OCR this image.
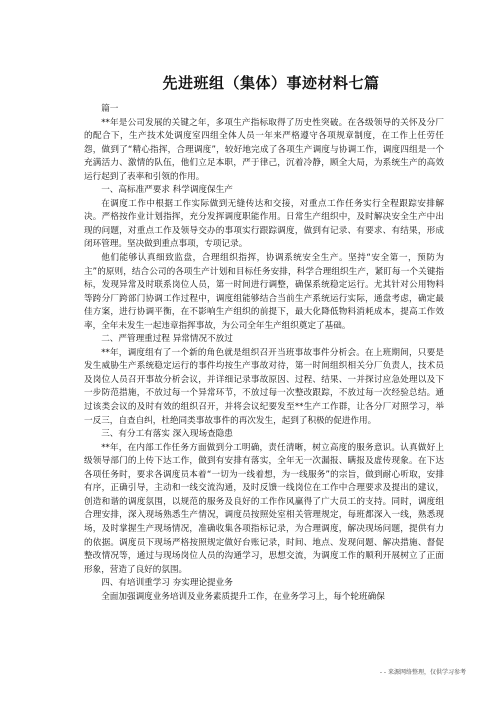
先进班组（集体）事迹材料七篇

篇一

**年是公司发展的关键之年，多项生产指标取得了历史性突破。在各级领导的关怀及分厂的配合下，生产技术处调度室四组全体人员一年来严格遵守各项规章制度，在工作上任劳任怨，做到了“精心指挥，合理调度”，较好地完成了各项生产调度与协调工作，调度四组是一个充满活力、激情的队伍，他们立足本职，严于律己，沉着冷静，顾全大局，为系统生产的高效运行起到了表率和引领的作用。

一、高标准严要求 科学调度保生产

在调度工作中根据工作实际做到无缝传达和交接，对重点工作任务实行全程跟踪安排解决。严格按作业计划指挥，充分发挥调度职能作用。日常生产组织中，及时解决安全生产中出现的问题，对重点工作及领导交办的事项实行跟踪调度，做到有记录、有要求、有结果，形成闭环管理。坚决做到重点事项，专项记录。

他们能够认真细致监盘，合理组织指挥，协调系统安全生产。坚持“安全第一，预防为主”的原则，结合公司的各项生产计划和目标任务安排，科学合理组织生产，紧盯每一个关键指标，发现异常及时联系岗位人员，第一时间进行调整，确保系统稳定运行。尤其针对公用物料等跨分厂跨部门协调工作过程中，调度组能够结合当前生产系统运行实际，通盘考虑，确定最佳方案，进行协调平衡，在不影响生产组织的前提下，最大化降低物料消耗成本，提高工作效率，全年未发生一起违章指挥事故，为公司全年生产组织奠定了基础。

二、严管理重过程 异常情况不放过

**年，调度组有了一个新的角色就是组织召开当班事故事件分析会。在上班期间，只要是发生威胁生产系统稳定运行的事件均按生产事故对待，第一时间组织相关分厂负责人，技术员及岗位人员召开事故分析会议，并详细记录事故原因、过程、结果、一并探讨应急处理以及下一步防范措施，不放过每一个异常环节，不放过每一次整改跟踪，不放过每一次经验总结。通过该类会议的及时有效的组织召开，并将会议纪要发至**生产工作群，让各分厂对照学习，举一反三，自查自纠，杜绝同类事故事件的再次发生，起到了积极的促进作用。

三、有分工有落实 深入现场查隐患

**年，在内部工作任务方面做到分工明确，责任清晰，树立高度的服务意识。认真做好上级领导部门的上传下达工作，做到有安排有落实，全年无一次漏报、瞒报及虚传现象。在下达各项任务时，要求各调度员本着“一切为一线着想，为一线服务”的宗旨，做到耐心听取，安排有序，正确引导，主动和一线交流沟通，及时反馈一线岗位在工作中合理要求及提出的建议，创造和谐的调度氛围，以规范的服务及良好的工作作风赢得了广大员工的支持。同时，调度组合理安排，深入现场熟悉生产情况，调度员按照处室相关管理规定，每班都深入一线，熟悉现场，及时掌握生产现场情况，准确收集各项指标记录，为合理调度，解决现场问题，提供有力的依据。调度员下现场严格按照规定做好台账记录，时间、地点、发现问题、解决措施、督促整改情况等，通过与现场岗位人员的沟通学习，思想交流，为调度工作的顺利开展树立了正面形象，营造了良好的氛围。

四、有培训重学习 夯实理论提业务

全面加强调度业务培训及业务素质提升工作，在业务学习上，每个轮班确保

- - 来源网络整理，仅供学习参考
